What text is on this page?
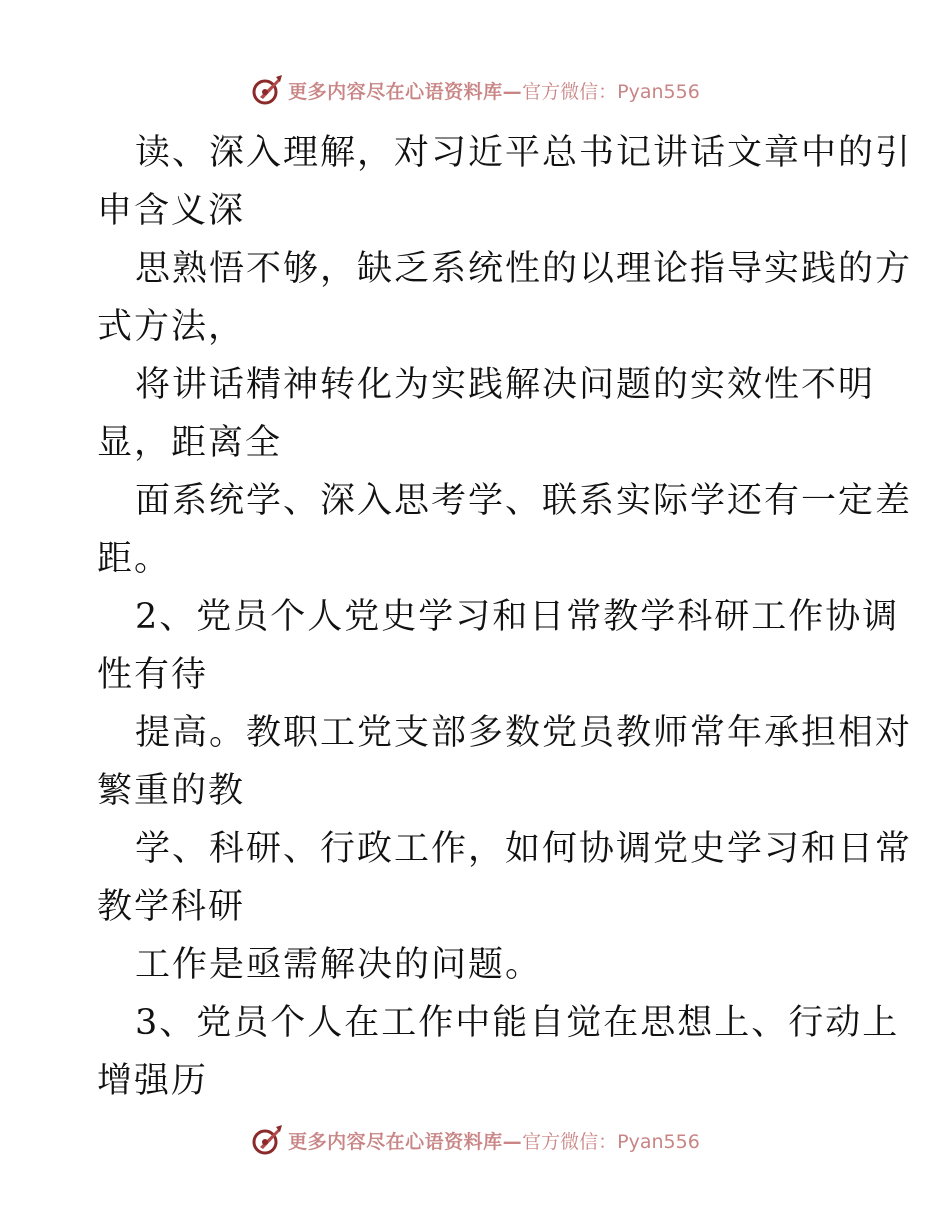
更多内容尽在心语资料库— 官方微信：Pyan556
读、深入理解，对习近平总书记讲话文章中的引
申含义深
思熟悟不够，缺乏系统性的以理论指导实践的方
式方法，
将讲话精神转化为实践解决问题的实效性不明
显，距离全
面系统学、深入思考学、联系实际学还有一定差
距。
2、党员个人党史学习和日常教学科研工作协调
性有待
提高。教职工党支部多数党员教师常年承担相对
繁重的教
学、科研、行政工作，如何协调党史学习和日常
教学科研
工作是亟需解决的问题。
3、党员个人在工作中能自觉在思想上、行动上
增强历
更多内容尽在心语资料库— 官方微信：Pyan556
